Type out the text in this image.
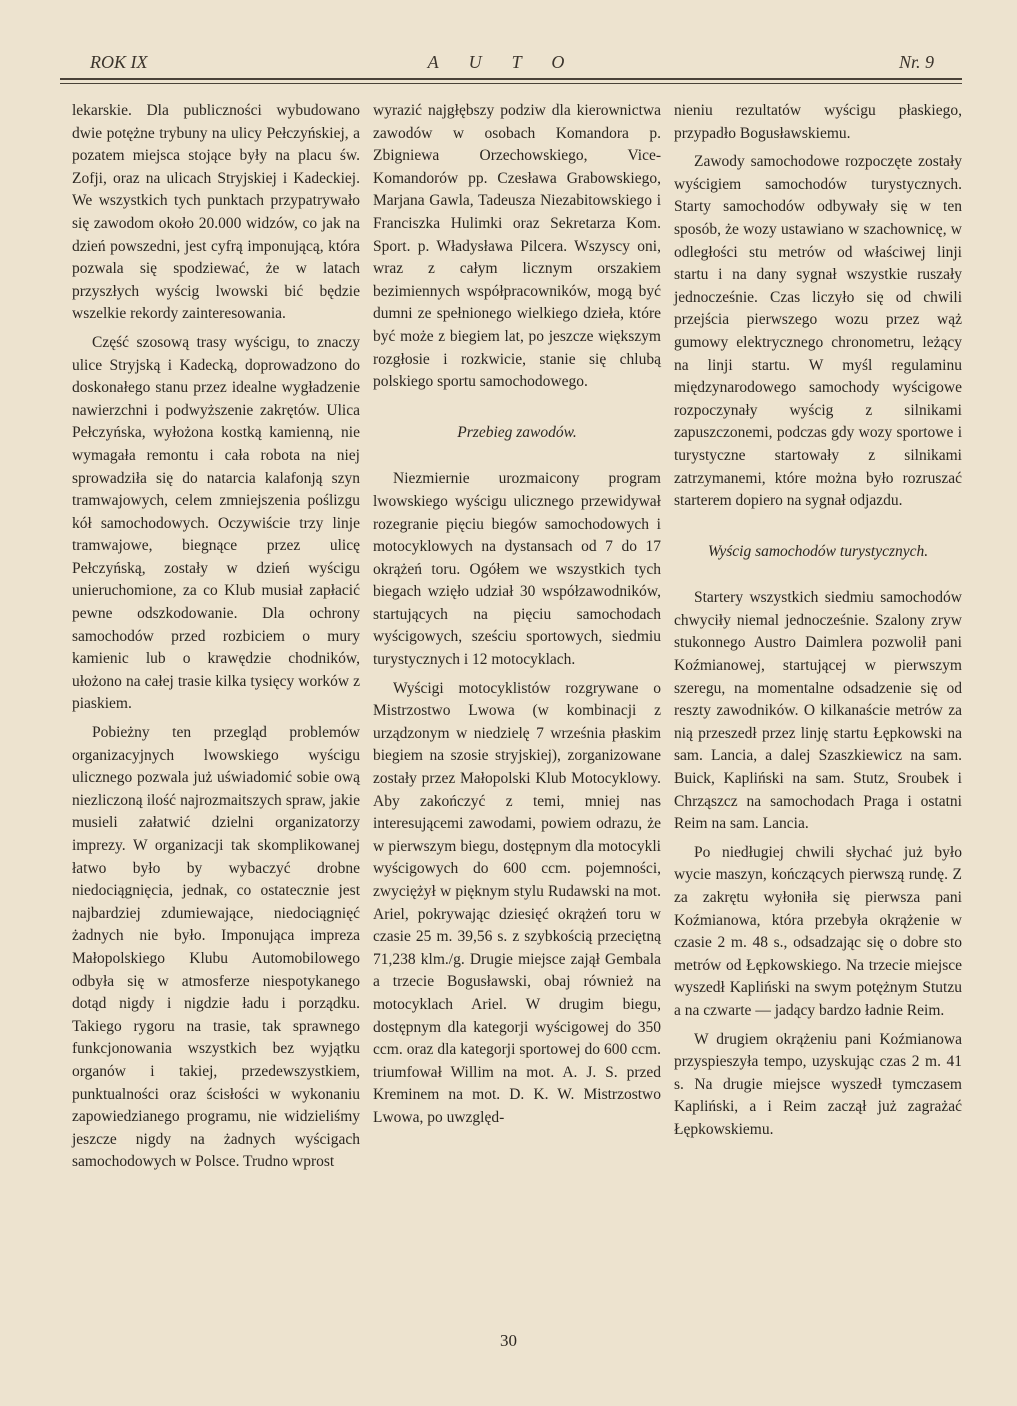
ROK IX	AUTO	Nr. 9

lekarskie. Dla publiczności wybudowano dwie potężne trybuny na ulicy Pełczyńskiej, a pozatem miejsca stojące były na placu św. Zofji, oraz na ulicach Stryjskiej i Kadeckiej. We wszystkich tych punktach przypatrywało się zawodom około 20.000 widzów, co jak na dzień powszedni, jest cyfrą imponującą, która pozwala się spodziewać, że w latach przyszłych wyścig lwowski bić będzie wszelkie rekordy zainteresowania.

Część szosową trasy wyścigu, to znaczy ulice Stryjską i Kadecką, doprowadzono do doskonałego stanu przez idealne wygładzenie nawierzchni i podwyższenie zakrętów. Ulica Pełczyńska, wyłożona kostką kamienną, nie wymagała remontu i cała robota na niej sprowadziła się do natarcia kalafonją szyn tramwajowych, celem zmniejszenia poślizgu kół samochodowych. Oczywiście trzy linje tramwajowe, biegnące przez ulicę Pełczyńską, zostały w dzień wyścigu unieruchomione, za co Klub musiał zapłacić pewne odszkodowanie. Dla ochrony samochodów przed rozbiciem o mury kamienic lub o krawędzie chodników, ułożono na całej trasie kilka tysięcy worków z piaskiem.

Pobieżny ten przegląd problemów organizacyjnych lwowskiego wyścigu ulicznego pozwala już uświadomić sobie ową niezliczoną ilość najrozmaitszych spraw, jakie musieli załatwić dzielni organizatorzy imprezy. W organizacji tak skomplikowanej łatwo było by wybaczyć drobne niedociągnięcia, jednak, co ostatecznie jest najbardziej zdumiewające, niedociągnięć żadnych nie było. Imponująca impreza Małopolskiego Klubu Automobilowego odbyła się w atmosferze niespotykanego dotąd nigdy i nigdzie ładu i porządku. Takiego rygoru na trasie, tak sprawnego funkcjonowania wszystkich bez wyjątku organów i takiej, przedewszystkiem, punktualności oraz ścisłości w wykonaniu zapowiedzianego programu, nie widzieliśmy jeszcze nigdy na żadnych wyścigach samochodowych w Polsce. Trudno wprost

wyrazić najgłębszy podziw dla kierownictwa zawodów w osobach Komandora p. Zbigniewa Orzechowskiego, Vice-Komandorów pp. Czesława Grabowskiego, Marjana Gawla, Tadeusza Niezabitowskiego i Franciszka Hulimki oraz Sekretarza Kom. Sport. p. Władysława Pilcera. Wszyscy oni, wraz z całym licznym orszakiem bezimiennych współpracowników, mogą być dumni ze spełnionego wielkiego dzieła, które być może z biegiem lat, po jeszcze większym rozgłosie i rozkwicie, stanie się chlubą polskiego sportu samochodowego.

Przebieg zawodów.

Niezmiernie urozmaicony program lwowskiego wyścigu ulicznego przewidywał rozegranie pięciu biegów samochodowych i motocyklowych na dystansach od 7 do 17 okrążeń toru. Ogółem we wszystkich tych biegach wzięło udział 30 współzawodników, startujących na pięciu samochodach wyścigowych, sześciu sportowych, siedmiu turystycznych i 12 motocyklach.

Wyścigi motocyklistów rozgrywane o Mistrzostwo Lwowa (w kombinacji z urządzonym w niedzielę 7 września płaskim biegiem na szosie stryjskiej), zorganizowane zostały przez Małopolski Klub Motocyklowy. Aby zakończyć z temi, mniej nas interesującemi zawodami, powiem odrazu, że w pierwszym biegu, dostępnym dla motocykli wyścigowych do 600 ccm. pojemności, zwyciężył w pięknym stylu Rudawski na mot. Ariel, pokrywając dziesięć okrążeń toru w czasie 25 m. 39,56 s. z szybkością przeciętną 71,238 klm./g. Drugie miejsce zajął Gembala a trzecie Bogusławski, obaj również na motocyklach Ariel. W drugim biegu, dostępnym dla kategorji wyścigowej do 350 ccm. oraz dla kategorji sportowej do 600 ccm. triumfował Willim na mot. A. J. S. przed Kreminem na mot. D. K. W. Mistrzostwo Lwowa, po uwzględ-

nieniu rezultatów wyścigu płaskiego, przypadło Bogusławskiemu.

Zawody samochodowe rozpoczęte zostały wyścigiem samochodów turystycznych. Starty samochodów odbywały się w ten sposób, że wozy ustawiano w szachownicę, w odległości stu metrów od właściwej linji startu i na dany sygnał wszystkie ruszały jednocześnie. Czas liczyło się od chwili przejścia pierwszego wozu przez wąż gumowy elektrycznego chronometru, leżący na linji startu. W myśl regulaminu międzynarodowego samochody wyścigowe rozpoczynały wyścig z silnikami zapuszczonemi, podczas gdy wozy sportowe i turystyczne startowały z silnikami zatrzymanemi, które można było rozruszać starterem dopiero na sygnał odjazdu.

Wyścig samochodów turystycznych.

Startery wszystkich siedmiu samochodów chwyciły niemal jednocześnie. Szalony zryw stukonnego Austro Daimlera pozwolił pani Koźmianowej, startującej w pierwszym szeregu, na momentalne odsadzenie się od reszty zawodników. O kilkanaście metrów za nią przeszedł przez linję startu Łępkowski na sam. Lancia, a dalej Szaszkiewicz na sam. Buick, Kapliński na sam. Stutz, Sroubek i Chrząszcz na samochodach Praga i ostatni Reim na sam. Lancia.

Po niedługiej chwili słychać już było wycie maszyn, kończących pierwszą rundę. Z za zakrętu wyłoniła się pierwsza pani Koźmianowa, która przebyła okrążenie w czasie 2 m. 48 s., odsadzając się o dobre sto metrów od Łępkowskiego. Na trzecie miejsce wyszedł Kapliński na swym potężnym Stutzu a na czwarte — jadący bardzo ładnie Reim.

W drugiem okrążeniu pani Koźmianowa przyspieszyła tempo, uzyskując czas 2 m. 41 s. Na drugie miejsce wyszedł tymczasem Kapliński, a i Reim zaczął już zagrażać Łępkowskiemu.

30
